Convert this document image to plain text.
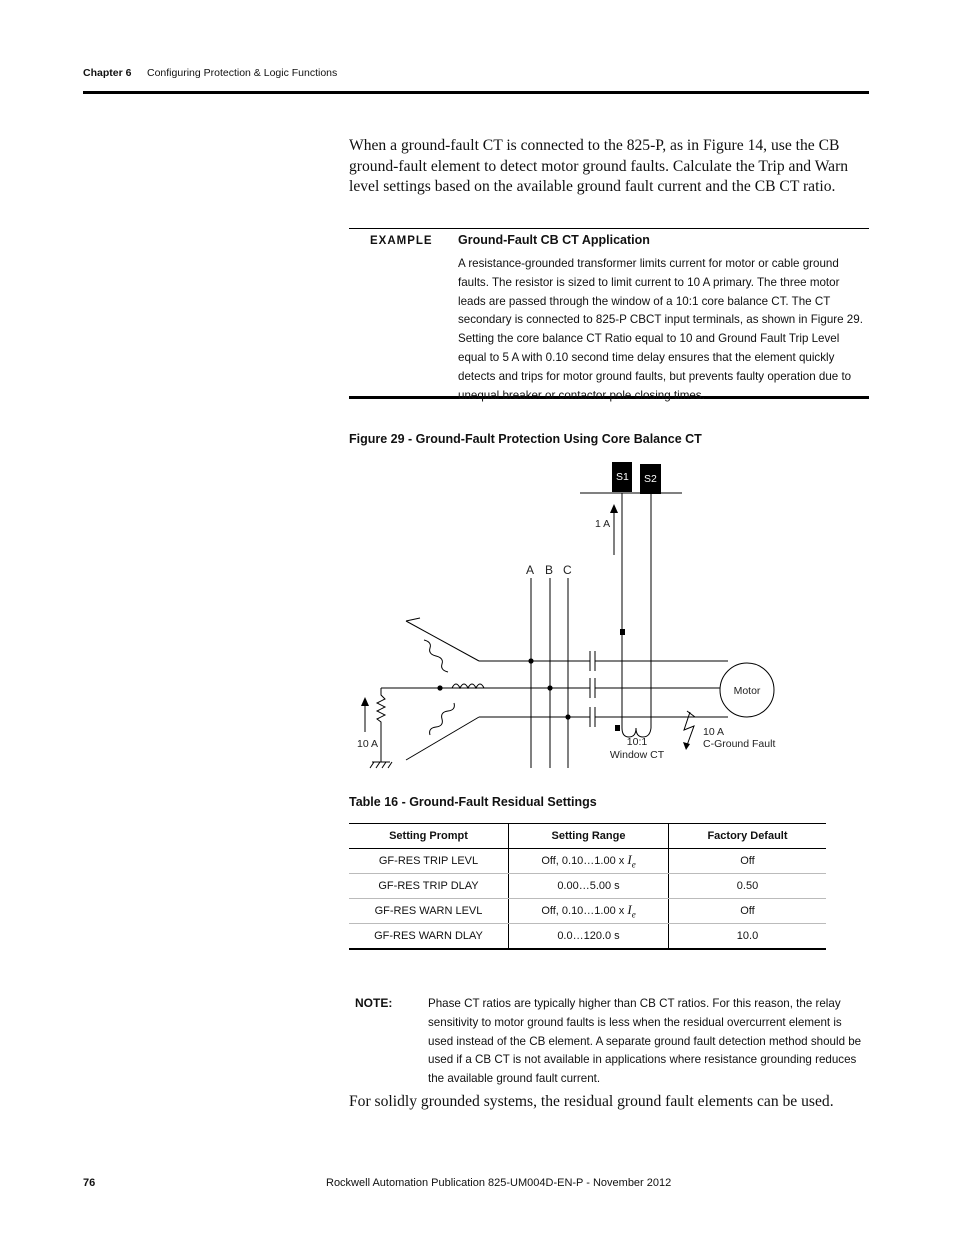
Chapter 6 Configuring Protection & Logic Functions

When a ground-fault CT is connected to the 825-P, as in Figure 14, use the CB ground-fault element to detect motor ground faults. Calculate the Trip and Warn level settings based on the available ground fault current and the CB CT ratio.

EXAMPLE Ground-Fault CB CT Application

A resistance-grounded transformer limits current for motor or cable ground faults. The resistor is sized to limit current to 10 A primary. The three motor leads are passed through the window of a 10:1 core balance CT. The CT secondary is connected to 825-P CBCT input terminals, as shown in Figure 29. Setting the core balance CT Ratio equal to 10 and Ground Fault Trip Level equal to 5 A with 0.10 second time delay ensures that the element quickly detects and trips for motor ground faults, but prevents faulty operation due to unequal breaker or contactor pole closing times.

Figure 29 - Ground-Fault Protection Using Core Balance CT
S1 S2
1 A
A B C
Motor
10:1
Window CT
10 A
C-Ground Fault
10 A
Table 16 - Ground-Fault Residual Settings
Setting Prompt	Setting Range	Factory Default
GF-RES TRIP LEVL	Off, 0.10…1.00 x $I_e$	Off
GF-RES TRIP DLAY	0.00…5.00 s	0.50
GF-RES WARN LEVL	Off, 0.10…1.00 x $I_e$	Off
GF-RES WARN DLAY	0.0…120.0 s	10.0
NOTE:	Phase CT ratios are typically higher than CB CT ratios. For this reason, the relay sensitivity to motor ground faults is less when the residual overcurrent element is used instead of the CB element. A separate ground fault detection method should be used if a CB CT is not available in applications where resistance grounding reduces the available ground fault current.

For solidly grounded systems, the residual ground fault elements can be used.

76	Rockwell Automation Publication 825-UM004D-EN-P - November 2012
